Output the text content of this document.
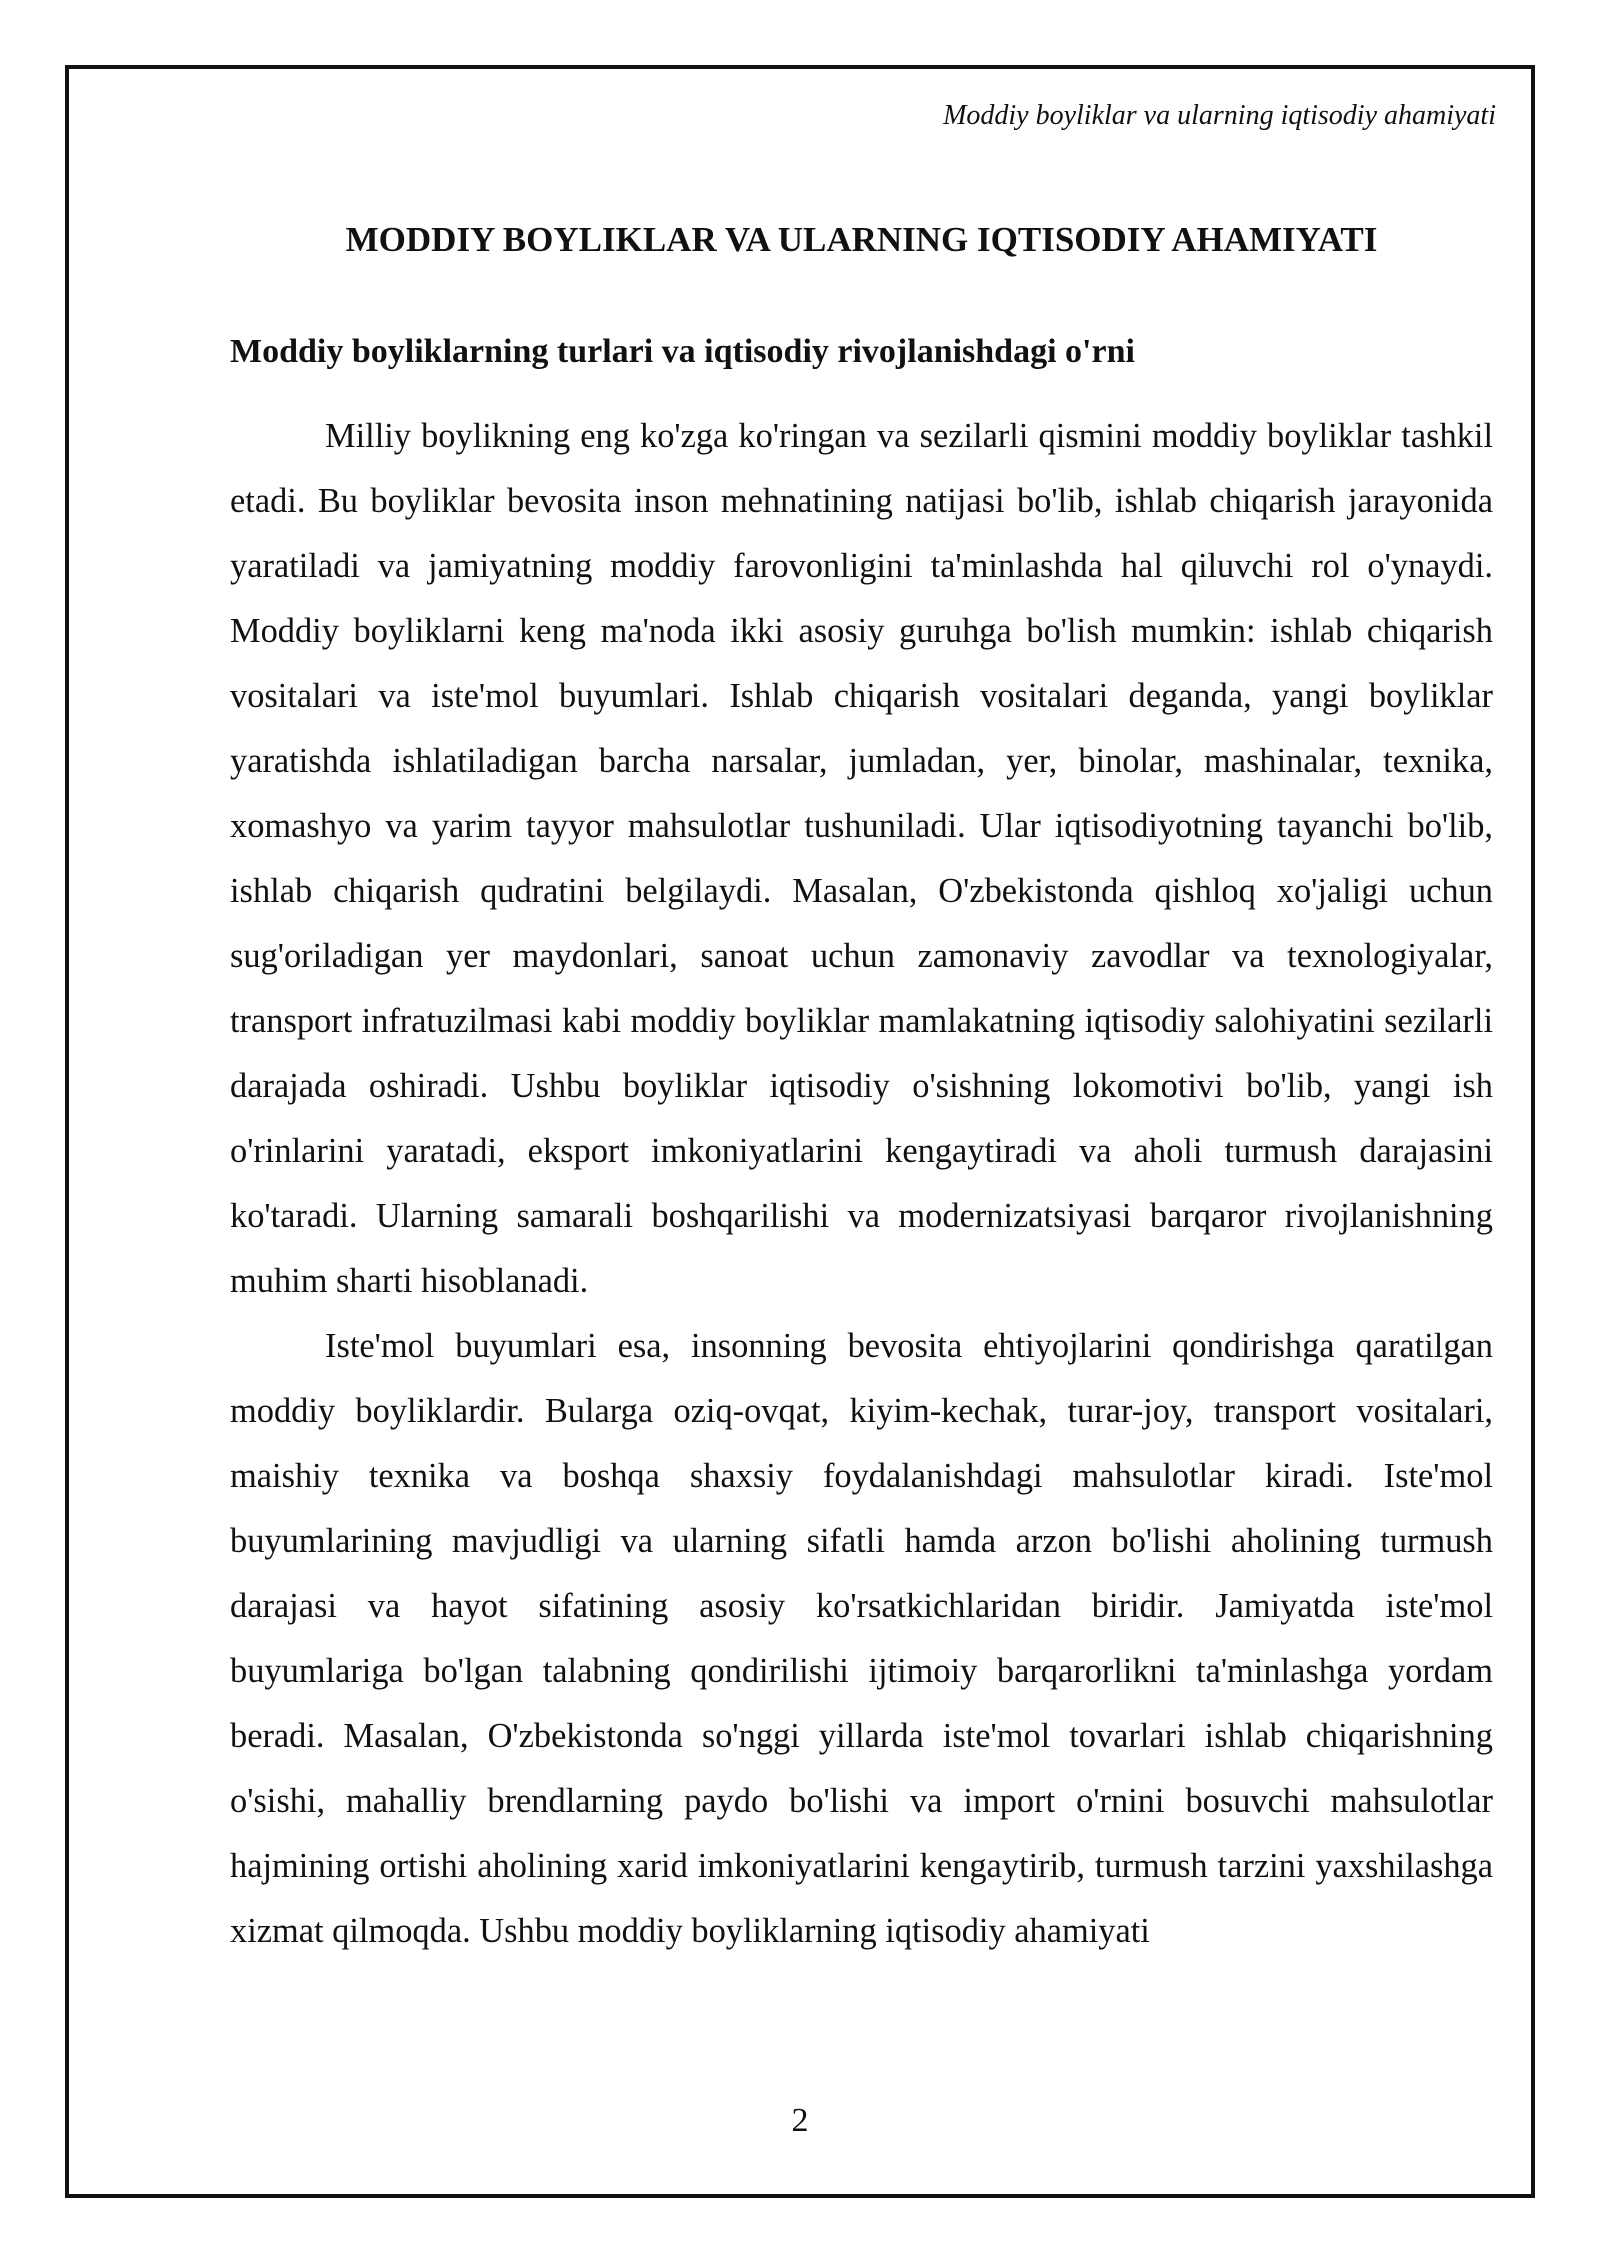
Moddiy boyliklar va ularning iqtisodiy ahamiyati
MODDIY BOYLIKLAR VA ULARNING IQTISODIY AHAMIYATI
Moddiy boyliklarning turlari va iqtisodiy rivojlanishdagi o'rni

Milliy boylikning eng ko'zga ko'ringan va sezilarli qismini moddiy boyliklar tashkil etadi. Bu boyliklar bevosita inson mehnatining natijasi bo'lib, ishlab chiqarish jarayonida yaratiladi va jamiyatning moddiy farovonligini ta'minlashda hal qiluvchi rol o'ynaydi. Moddiy boyliklarni keng ma'noda ikki asosiy guruhga bo'lish mumkin: ishlab chiqarish vositalari va iste'mol buyumlari. Ishlab chiqarish vositalari deganda, yangi boyliklar yaratishda ishlatiladigan barcha narsalar, jumladan, yer, binolar, mashinalar, texnika, xomashyo va yarim tayyor mahsulotlar tushuniladi. Ular iqtisodiyotning tayanchi bo'lib, ishlab chiqarish qudratini belgilaydi. Masalan, O'zbekistonda qishloq xo'jaligi uchun sug'oriladigan yer maydonlari, sanoat uchun zamonaviy zavodlar va texnologiyalar, transport infratuzilmasi kabi moddiy boyliklar mamlakatning iqtisodiy salohiyatini sezilarli darajada oshiradi. Ushbu boyliklar iqtisodiy o'sishning lokomotivi bo'lib, yangi ish o'rinlarini yaratadi, eksport imkoniyatlarini kengaytiradi va aholi turmush darajasini ko'taradi. Ularning samarali boshqarilishi va modernizatsiyasi barqaror rivojlanishning muhim sharti hisoblanadi.

Iste'mol buyumlari esa, insonning bevosita ehtiyojlarini qondirishga qaratilgan moddiy boyliklardir. Bularga oziq-ovqat, kiyim-kechak, turar-joy, transport vositalari, maishiy texnika va boshqa shaxsiy foydalanishdagi mahsulotlar kiradi. Iste'mol buyumlarining mavjudligi va ularning sifatli hamda arzon bo'lishi aholining turmush darajasi va hayot sifatining asosiy ko'rsatkichlaridan biridir. Jamiyatda iste'mol buyumlariga bo'lgan talabning qondirilishi ijtimoiy barqarorlikni ta'minlashga yordam beradi. Masalan, O'zbekistonda so'nggi yillarda iste'mol tovarlari ishlab chiqarishning o'sishi, mahalliy brendlarning paydo bo'lishi va import o'rnini bosuvchi mahsulotlar hajmining ortishi aholining xarid imkoniyatlarini kengaytirib, turmush tarzini yaxshilashga xizmat qilmoqda. Ushbu moddiy boyliklarning iqtisodiy ahamiyati

2
